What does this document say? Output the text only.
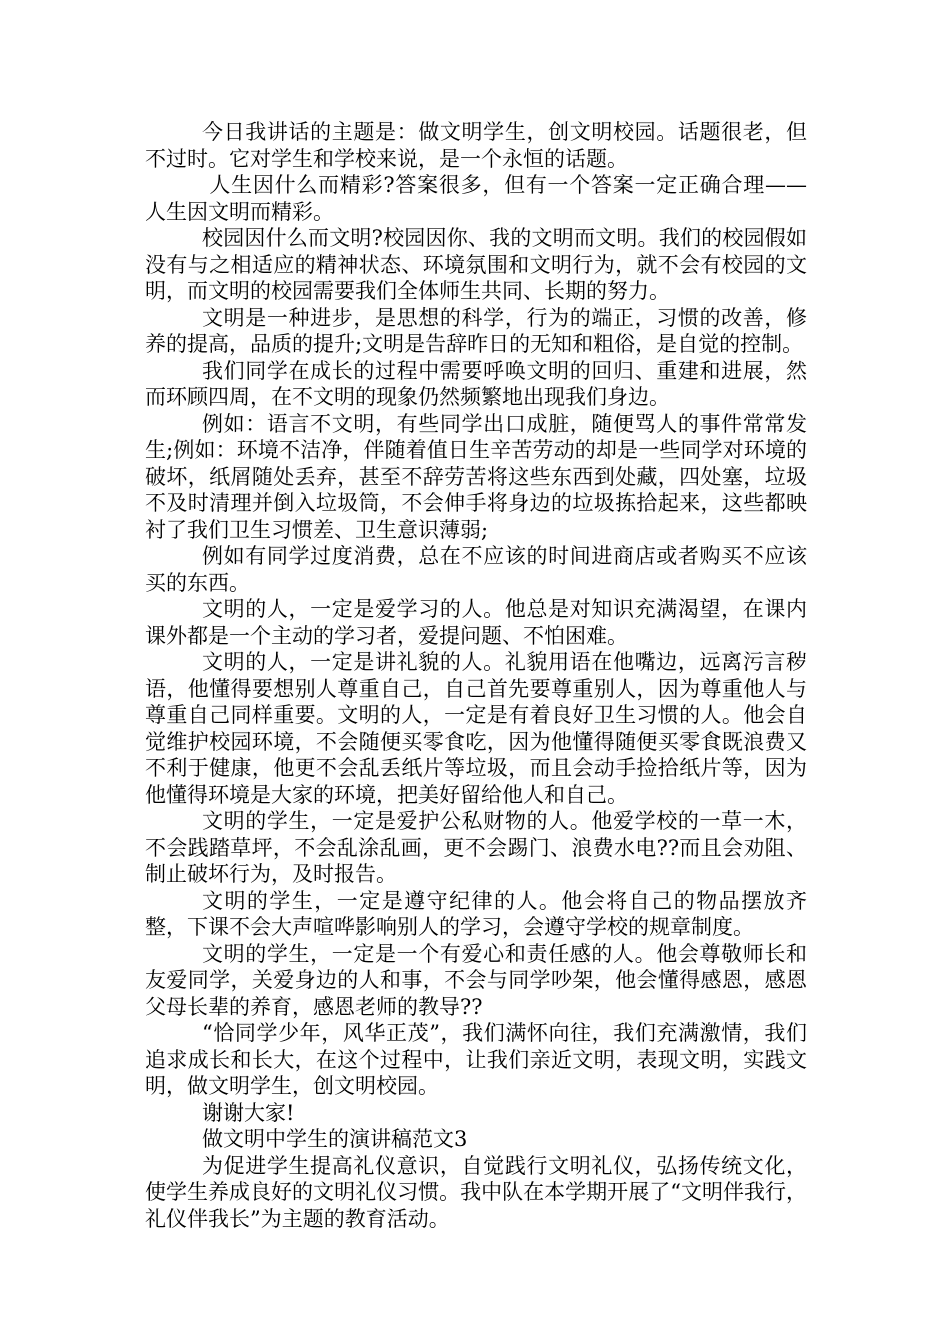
今日我讲话的主题是：做文明学生，创文明校园。话题很老，但不过时。它对学生和学校来说，是一个永恒的话题。

人生因什么而精彩?答案很多，但有一个答案一定正确合理——人生因文明而精彩。

校园因什么而文明?校园因你、我的文明而文明。我们的校园假如没有与之相适应的精神状态、环境氛围和文明行为，就不会有校园的文明，而文明的校园需要我们全体师生共同、长期的努力。

文明是一种进步，是思想的科学，行为的端正，习惯的改善，修养的提高，品质的提升;文明是告辞昨日的无知和粗俗，是自觉的控制。

我们同学在成长的过程中需要呼唤文明的回归、重建和进展，然而环顾四周，在不文明的现象仍然频繁地出现我们身边。

例如：语言不文明，有些同学出口成脏，随便骂人的事件常常发生;例如：环境不洁净，伴随着值日生辛苦劳动的却是一些同学对环境的破坏，纸屑随处丢弃，甚至不辞劳苦将这些东西到处藏，四处塞，垃圾不及时清理并倒入垃圾筒，不会伸手将身边的垃圾拣拾起来，这些都映衬了我们卫生习惯差、卫生意识薄弱;

例如有同学过度消费，总在不应该的时间进商店或者购买不应该买的东西。

文明的人，一定是爱学习的人。他总是对知识充满渴望，在课内课外都是一个主动的学习者，爱提问题、不怕困难。

文明的人，一定是讲礼貌的人。礼貌用语在他嘴边，远离污言秽语，他懂得要想别人尊重自己，自己首先要尊重别人，因为尊重他人与尊重自己同样重要。文明的人，一定是有着良好卫生习惯的人。他会自觉维护校园环境，不会随便买零食吃，因为他懂得随便买零食既浪费又不利于健康，他更不会乱丢纸片等垃圾，而且会动手捡拾纸片等，因为他懂得环境是大家的环境，把美好留给他人和自己。

文明的学生，一定是爱护公私财物的人。他爱学校的一草一木，不会践踏草坪，不会乱涂乱画，更不会踢门、浪费水电??而且会劝阻、制止破坏行为，及时报告。

文明的学生，一定是遵守纪律的人。他会将自己的物品摆放齐整，下课不会大声喧哗影响别人的学习，会遵守学校的规章制度。

文明的学生，一定是一个有爱心和责任感的人。他会尊敬师长和友爱同学，关爱身边的人和事，不会与同学吵架，他会懂得感恩，感恩父母长辈的养育，感恩老师的教导??

“恰同学少年，风华正茂”，我们满怀向往，我们充满激情，我们追求成长和长大，在这个过程中，让我们亲近文明，表现文明，实践文明，做文明学生，创文明校园。

谢谢大家!

做文明中学生的演讲稿范文3

为促进学生提高礼仪意识，自觉践行文明礼仪，弘扬传统文化，使学生养成良好的文明礼仪习惯。我中队在本学期开展了“文明伴我行，礼仪伴我长”为主题的教育活动。
